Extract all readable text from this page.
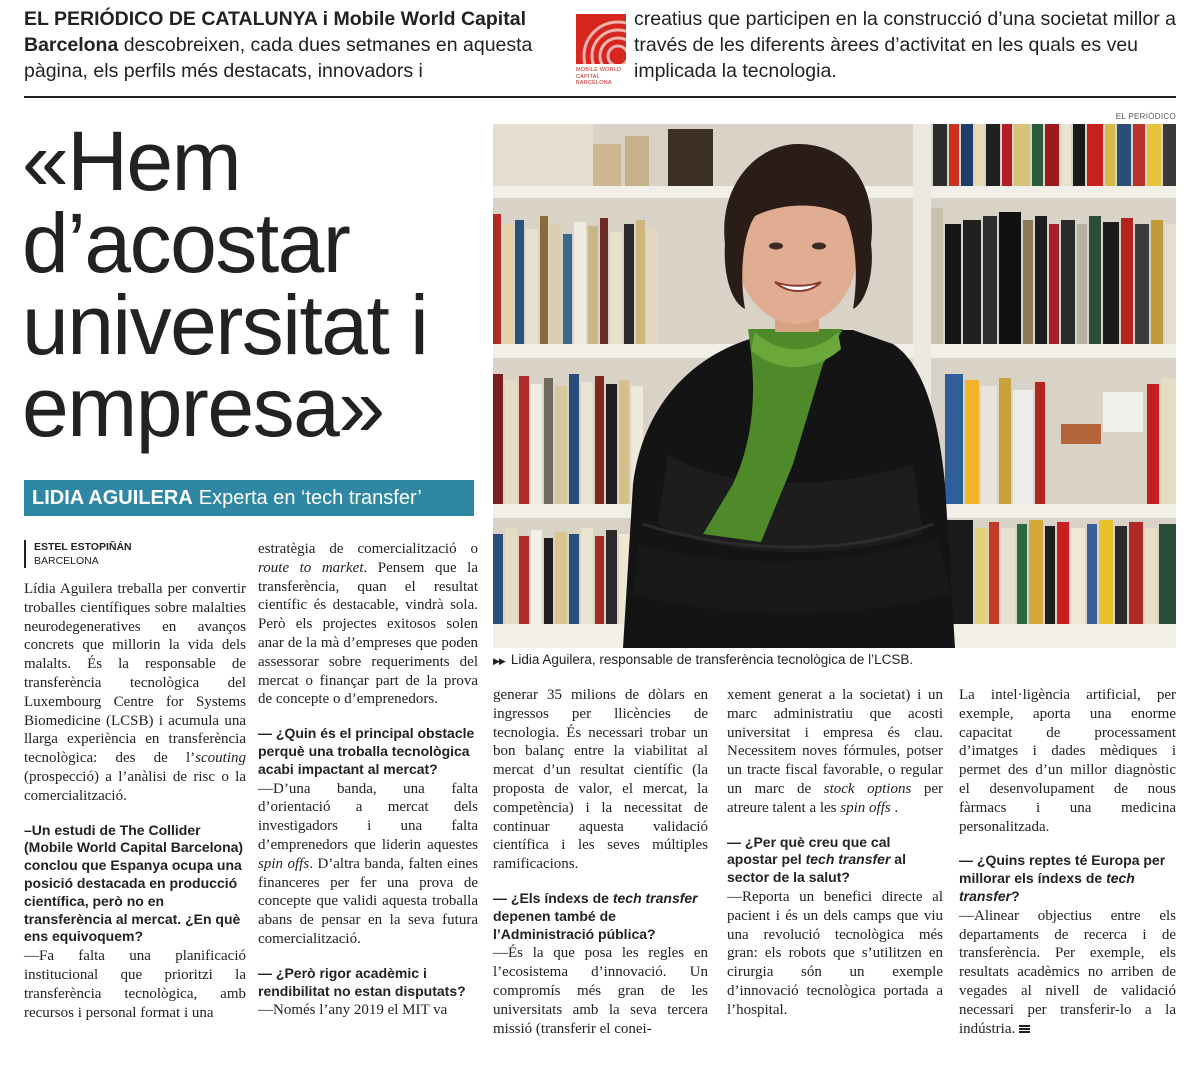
EL PERIÓDICO DE CATALUNYA i Mobile World Capital Barcelona descobreixen, cada dues setmanes en aquesta pàgina, els perfils més destacats, innovadors i	MOBILE WORLD CAPITAL BARCELONA
creatius que participen en la construcció d’una societat millor a través de les diferents àrees d’activitat en les quals es veu implicada la tecnologia.
«Hem d’acostar universitat i empresa»
LIDIA AGUILERA Experta en ‘tech transfer’
EL PERIÓDICO
▶▶ Lidia Aguilera, responsable de transferència tecnològica de l’LCSB.
ESTEL ESTOPIÑÁN
BARCELONA

Lídia Aguilera treballa per convertir troballes científiques sobre malalties neurodegeneratives en avanços concrets que millorin la vida dels malalts. És la responsable de transferència tecnològica del Luxembourg Centre for Systems Biomedicine (LCSB) i acumula una llarga experiència en transferència tecnològica: des de l’scouting (prospecció) a l’anàlisi de risc o la comercialització.

–Un estudi de The Collider (Mobile World Capital Barcelona) conclou que Espanya ocupa una posició destacada en producció científica, però no en transferència al mercat. ¿En què ens equivoquem?

—Fa falta una planificació institucional que prioritzi la transferència tecnològica, amb recursos i personal format i una

estratègia de comercialització o route to market. Pensem que la transferència, quan el resultat científic és destacable, vindrà sola. Però els projectes exitosos solen anar de la mà d’empreses que poden assessorar sobre requeriments del mercat o finançar part de la prova de concepte o d’emprenedors.

— ¿Quin és el principal obstacle perquè una troballa tecnològica acabi impactant al mercat?

—D’una banda, una falta d’orientació a mercat dels investigadors i una falta d’emprenedors que liderin aquestes spin offs. D’altra banda, falten eines financeres per fer una prova de concepte que validi aquesta troballa abans de pensar en la seva futura comercialització.

— ¿Però rigor acadèmic i rendibilitat no estan disputats?

—Només l’any 2019 el MIT va

generar 35 milions de dòlars en ingressos per llicències de tecnologia. És necessari trobar un bon balanç entre la viabilitat al mercat d’un resultat científic (la proposta de valor, el mercat, la competència) i la necessitat de continuar aquesta validació científica i les seves múltiples ramificacions.

— ¿Els índexs de tech transfer depenen també de l’Administració pública?

—És la que posa les regles en l’ecosistema d’innovació. Un compromís més gran de les universitats amb la seva tercera missió (transferir el conei-

xement generat a la societat) i un marc administratiu que acosti universitat i empresa és clau. Necessitem noves fórmules, potser un tracte fiscal favorable, o regular un marc de stock options per atreure talent a les spin offs .

— ¿Per què creu que cal apostar pel tech transfer al sector de la salut?

—Reporta un benefici directe al pacient i és un dels camps que viu una revolució tecnològica més gran: els robots que s’utilitzen en cirurgia són un exemple d’innovació tecnològica portada a l’hospital.

La intel·ligència artificial, per exemple, aporta una enorme capacitat de processament d’imatges i dades mèdiques i permet des d’un millor diagnòstic el desenvolupament de nous fàrmacs i una medicina personalitzada.

— ¿Quins reptes té Europa per millorar els índexs de tech transfer?

—Alinear objectius entre els departaments de recerca i de transferència. Per exemple, els resultats acadèmics no arriben de vegades al nivell de validació necessari per transferir-lo a la indústria.
